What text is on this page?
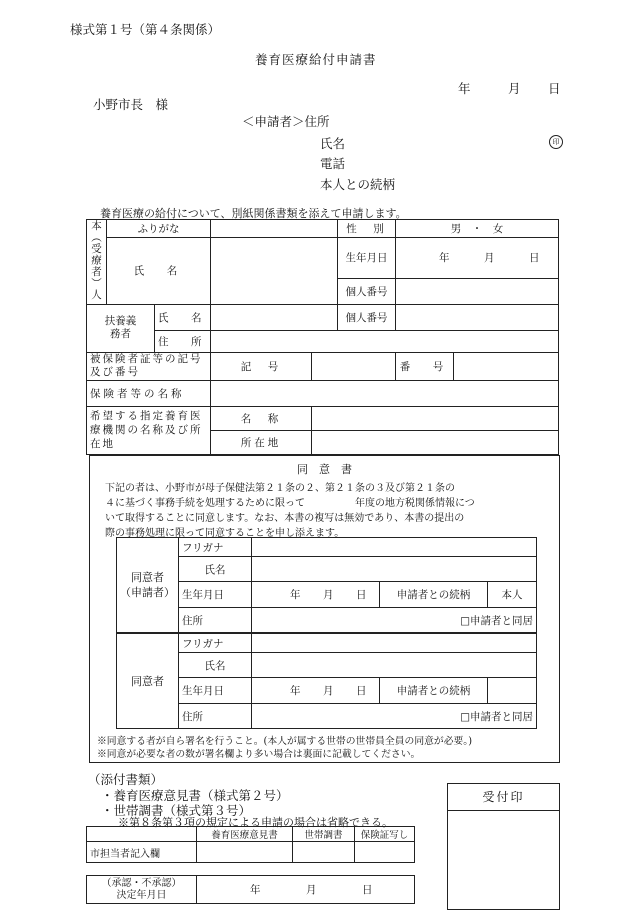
様式第１号（第４条関係）
養育医療給付申請書
年	月 日
小野市長　様
＜申請者＞住所
氏名	印
電話
本人との続柄
養育医療の給付について、別紙関係書類を添えて申請します。
本（受療者）人	ふりがな				性　別	男　・　女	
	氏　名				生年月日	年 月 日	
					個人番号		
扶養義務者		氏　名			個人番号		
		住　所					
被保険者証等の記号及び番号			記　号			番　号	
保険者等の名称							
希望する指定養育医療機関の名称及び所在地			名　称				
			所在地				
同　意　書
下記の者は、小野市が母子保健法第２１条の２、第２１条の３及び第２１条の
４に基づく事務手続を処理するために限って　　　　　年度の地方税関係情報につ
いて取得することに同意します。なお、本書の複写は無効であり、本書の提出の
際の事務処理に限って同意することを申し添えます。
同意者
（申請者）	フリガナ			
	氏名			
	生年月日	年 月 日	申請者との続柄	本人
	住所	□申請者と同居		
同意者	フリガナ			
	氏名			
	生年月日	年 月 日	申請者との続柄	
	住所	□申請者と同居		
※同意する者が自ら署名を行うこと。(本人が属する世帯の世帯員全員の同意が必要。)
※同意が必要な者の数が署名欄より多い場合は裏面に記載してください。
（添付書類）
・養育医療意見書（様式第２号）
・世帯調書（様式第３号）
※第８条第３項の規定による申請の場合は省略できる。
受付印
	養育医療意見書	世帯調書	保険証写し
市担当者記入欄			
（承認・不承認）
決定年月日	年	月	日
